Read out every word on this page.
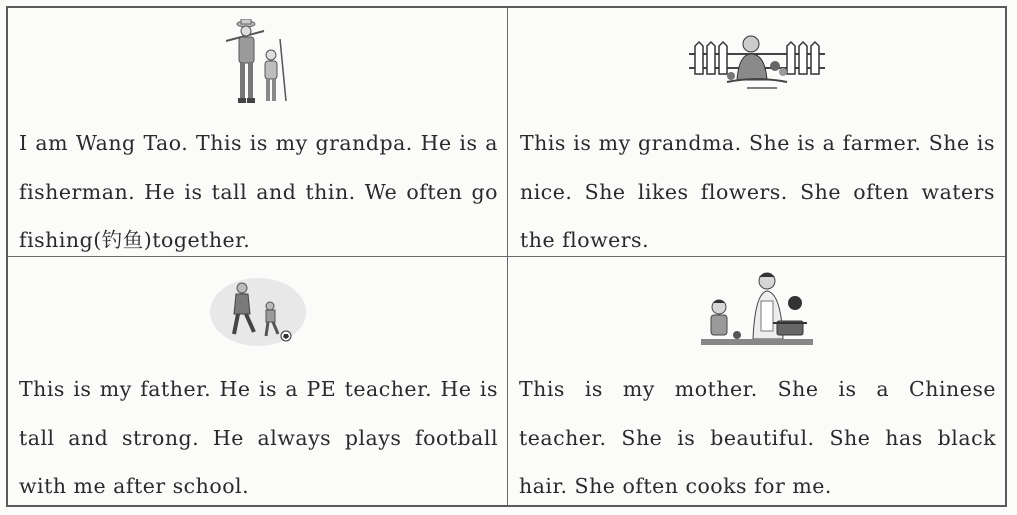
I am Wang Tao. This is my grandpa. He is a fisherman. He is tall and thin. We often go fishing(钓鱼)together.
This is my grandma. She is a farmer. She is nice. She likes flowers. She often waters the flowers.
This is my father. He is a PE teacher. He is tall and strong. He always plays football with me after school.
This is my mother. She is a Chinese teacher. She is beautiful. She has black hair. She often cooks for me.
